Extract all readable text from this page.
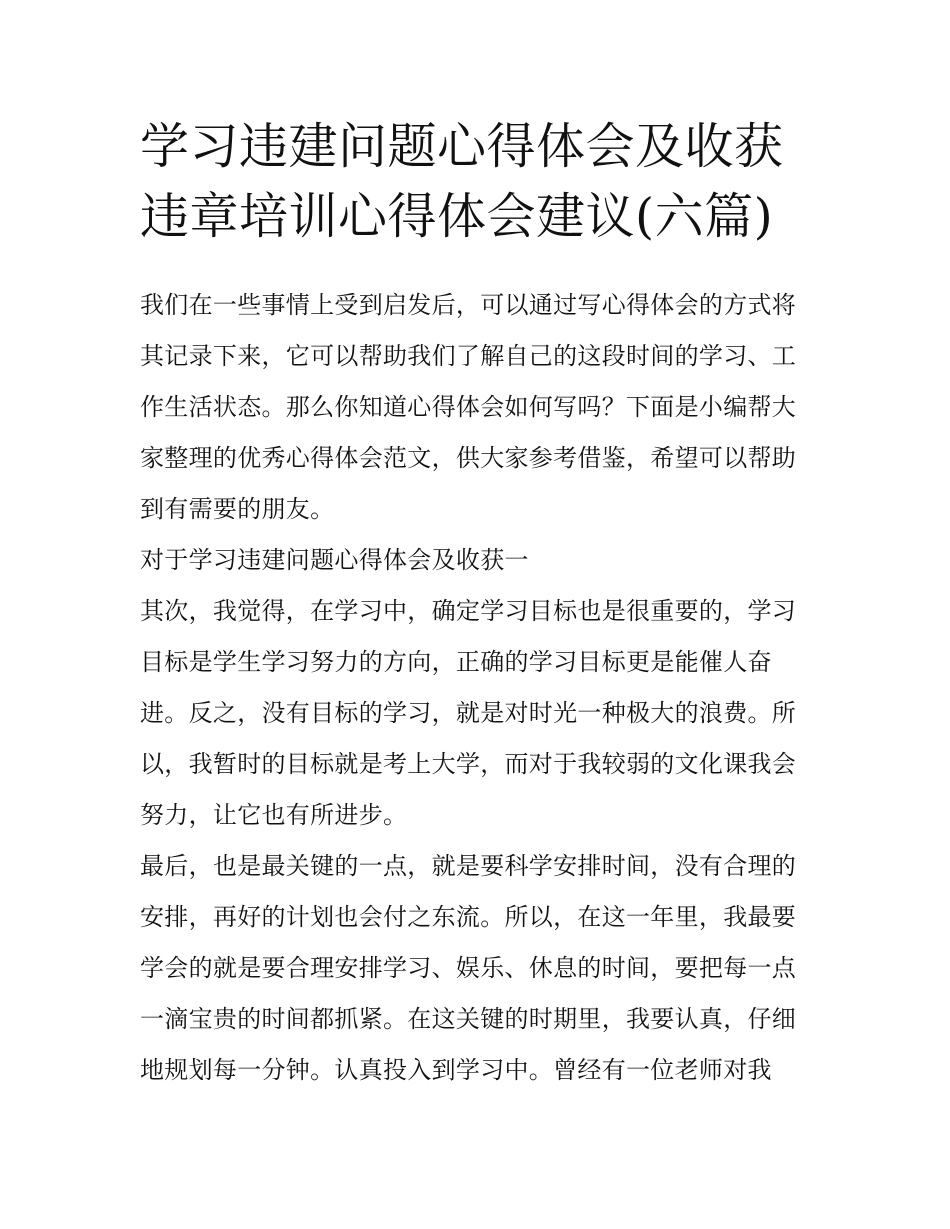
学习违建问题心得体会及收获
违章培训心得体会建议(六篇)
我们在一些事情上受到启发后，可以通过写心得体会的方式将
其记录下来，它可以帮助我们了解自己的这段时间的学习、工
作生活状态。那么你知道心得体会如何写吗？下面是小编帮大
家整理的优秀心得体会范文，供大家参考借鉴，希望可以帮助
到有需要的朋友。
对于学习违建问题心得体会及收获一
其次，我觉得，在学习中，确定学习目标也是很重要的，学习
目标是学生学习努力的方向，正确的学习目标更是能催人奋
进。反之，没有目标的学习，就是对时光一种极大的浪费。所
以，我暂时的目标就是考上大学，而对于我较弱的文化课我会
努力，让它也有所进步。
最后，也是最关键的一点，就是要科学安排时间，没有合理的
安排，再好的计划也会付之东流。所以，在这一年里，我最要
学会的就是要合理安排学习、娱乐、休息的时间，要把每一点
一滴宝贵的时间都抓紧。在这关键的时期里，我要认真，仔细
地规划每一分钟。认真投入到学习中。曾经有一位老师对我
